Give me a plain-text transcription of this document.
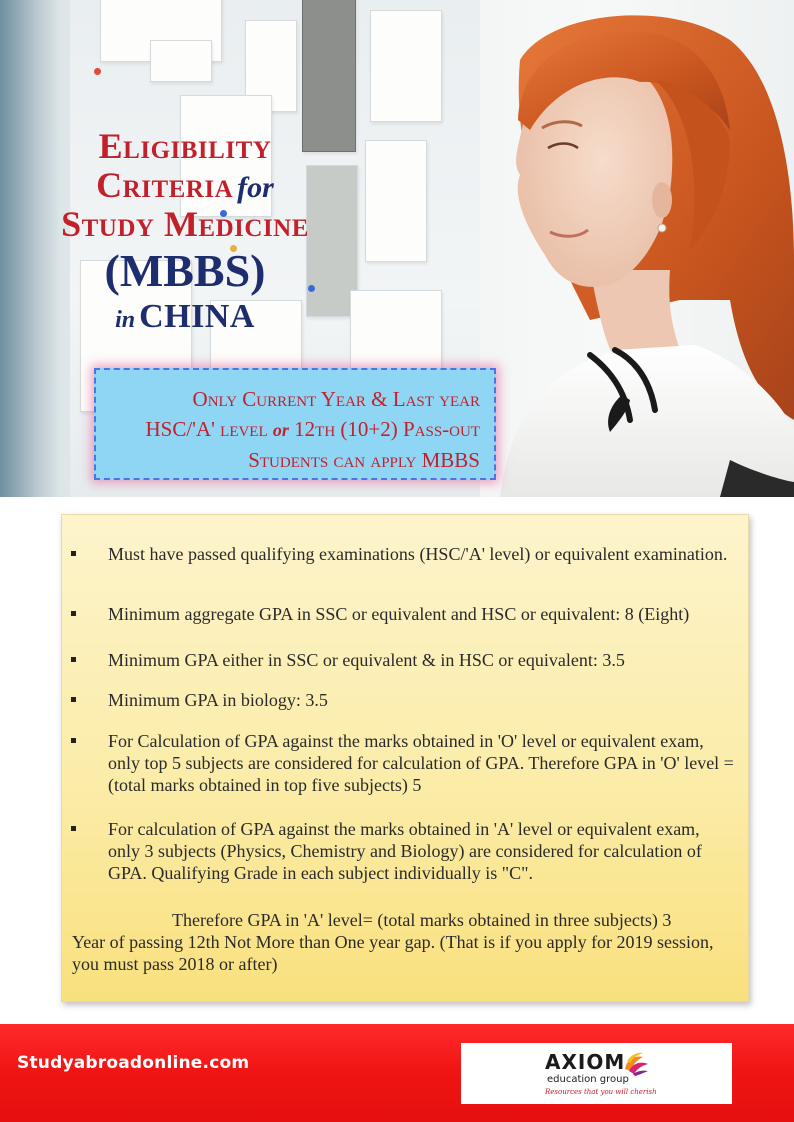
Eligibility
Criteria for
Study Medicine
(MBBS)
in CHINA
Only Current Year & Last year
HSC/'A' level or 12th (10+2) Pass-out
Students can apply MBBS
Must have passed qualifying examinations (HSC/'A' level) or equivalent examination.
Minimum aggregate GPA in SSC or equivalent and HSC or equivalent: 8 (Eight)
Minimum GPA either in SSC or equivalent & in HSC or equivalent: 3.5
Minimum GPA in biology: 3.5
For Calculation of GPA against the marks obtained in 'O' level or equivalent exam, only top 5 subjects are considered for calculation of GPA. Therefore GPA in 'O' level = (total marks obtained in top five subjects) 5
For calculation of GPA against the marks obtained in 'A' level or equivalent exam, only 3 subjects (Physics, Chemistry and Biology) are considered for calculation of GPA. Qualifying Grade in each subject individually is "C".
Therefore GPA in 'A' level= (total marks obtained in three subjects) 3
Year of passing 12th Not More than One year gap. (That is if you apply for 2019 session, you must pass 2018 or after)
Studyabroadonline.com	AXIOM
education group
Resources that you will cherish
